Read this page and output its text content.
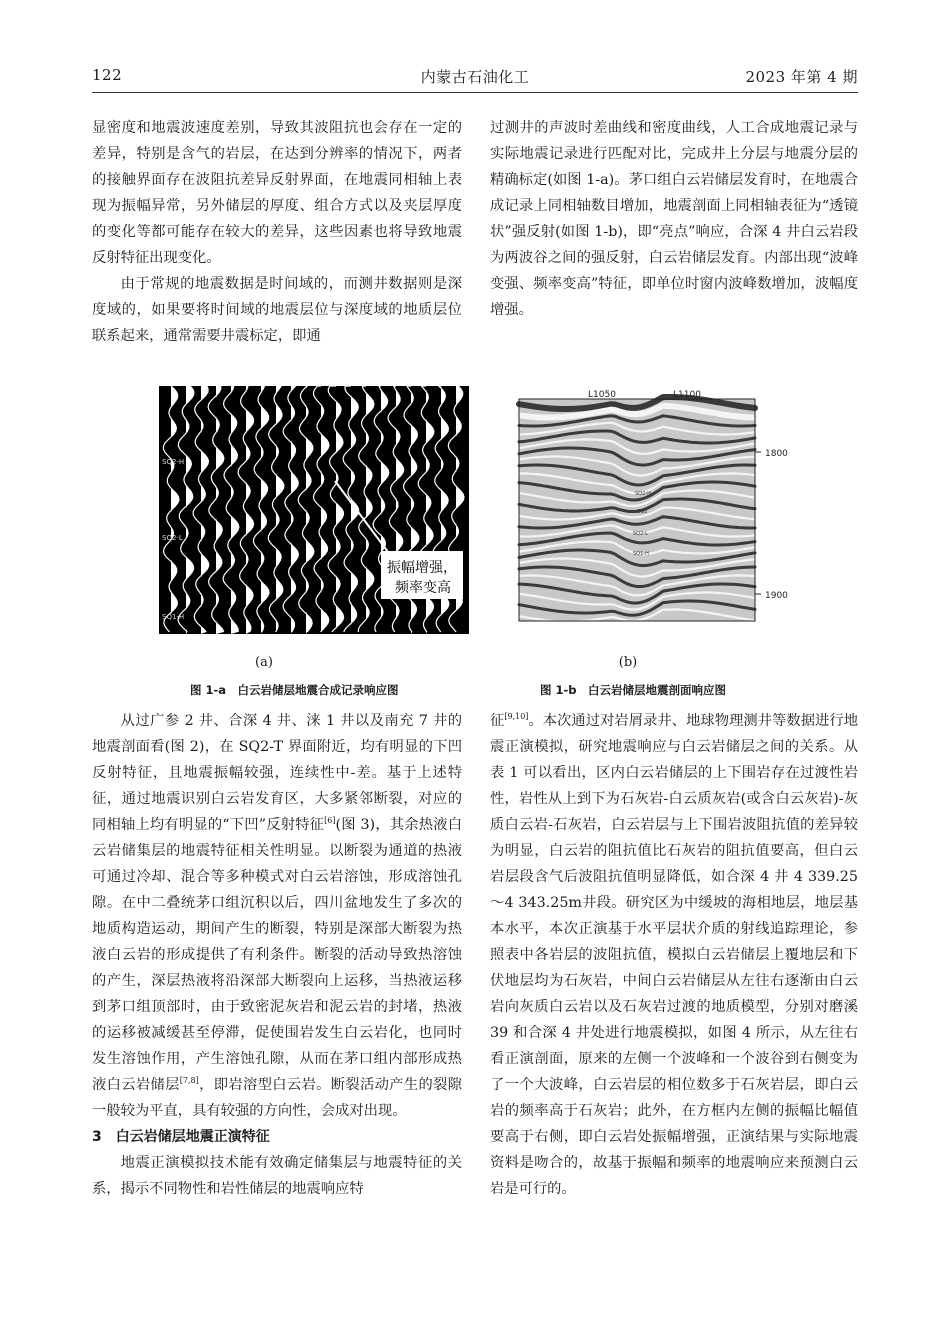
122	内蒙古石油化工	2023 年第 4 期

显密度和地震波速度差别，导致其波阻抗也会存在一定的差异，特别是含气的岩层，在达到分辨率的情况下，两者的接触界面存在波阻抗差异反射界面，在地震同相轴上表现为振幅异常，另外储层的厚度、组合方式以及夹层厚度的变化等都可能存在较大的差异，这些因素也将导致地震反射特征出现变化。

由于常规的地震数据是时间域的，而测井数据则是深度域的，如果要将时间域的地震层位与深度域的地质层位联系起来，通常需要井震标定，即通

过测井的声波时差曲线和密度曲线，人工合成地震记录与实际地震记录进行匹配对比，完成井上分层与地震分层的精确标定(如图 1-a)。茅口组白云岩储层发育时，在地震合成记录上同相轴数目增加，地震剖面上同相轴表征为“透镜状”强反射(如图 1-b)，即“亮点”响应，合深 4 井白云岩段为两波谷之间的强反射，白云岩储层发育。内部出现“波峰变强、频率变高”特征，即单位时窗内波峰数增加，波幅度增强。

SQ2-H
SQ2-L
SQ1-H
振幅增强，
频率变高
(a)
图 1-a　白云岩储层地震合成记录响应图
L1050	L1100
1800
1900
SQ2-H
SQ2
SQ2-L
SQ1-H
(b)
图 1-b　白云岩储层地震剖面响应图

从过广参 2 井、合深 4 井、涞 1 井以及南充 7 井的地震剖面看(图 2)，在 SQ2-T 界面附近，均有明显的下凹反射特征，且地震振幅较强，连续性中-差。基于上述特征，通过地震识别白云岩发育区，大多紧邻断裂，对应的同相轴上均有明显的“下凹”反射特征[6](图 3)，其余热液白云岩储集层的地震特征相关性明显。以断裂为通道的热液可通过冷却、混合等多种模式对白云岩溶蚀，形成溶蚀孔隙。在中二叠统茅口组沉积以后，四川盆地发生了多次的地质构造运动，期间产生的断裂，特别是深部大断裂为热液白云岩的形成提供了有利条件。断裂的活动导致热溶蚀的产生，深层热液将沿深部大断裂向上运移，当热液运移到茅口组顶部时，由于致密泥灰岩和泥云岩的封堵，热液的运移被减缓甚至停滞，促使围岩发生白云岩化，也同时发生溶蚀作用，产生溶蚀孔隙，从而在茅口组内部形成热液白云岩储层[7,8]，即岩溶型白云岩。断裂活动产生的裂隙一般较为平直，具有较强的方向性，会成对出现。

3　白云岩储层地震正演特征

地震正演模拟技术能有效确定储集层与地震特征的关系，揭示不同物性和岩性储层的地震响应特

征[9,10]。本次通过对岩屑录井、地球物理测井等数据进行地震正演模拟，研究地震响应与白云岩储层之间的关系。从表 1 可以看出，区内白云岩储层的上下围岩存在过渡性岩性，岩性从上到下为石灰岩-白云质灰岩(或含白云灰岩)-灰质白云岩-石灰岩，白云岩层与上下围岩波阻抗值的差异较为明显，白云岩的阻抗值比石灰岩的阻抗值要高，但白云岩层段含气后波阻抗值明显降低，如合深 4 井 4 339.25～4 343.25m井段。研究区为中缓坡的海相地层，地层基本水平，本次正演基于水平层状介质的射线追踪理论，参照表中各岩层的波阻抗值，模拟白云岩储层上覆地层和下伏地层均为石灰岩，中间白云岩储层从左往右逐渐由白云岩向灰质白云岩以及石灰岩过渡的地质模型，分别对磨溪 39 和合深 4 井处进行地震模拟，如图 4 所示，从左往右看正演剖面，原来的左侧一个波峰和一个波谷到右侧变为了一个大波峰，白云岩层的相位数多于石灰岩层，即白云岩的频率高于石灰岩；此外，在方框内左侧的振幅比幅值要高于右侧，即白云岩处振幅增强，正演结果与实际地震资料是吻合的，故基于振幅和频率的地震响应来预测白云岩是可行的。
